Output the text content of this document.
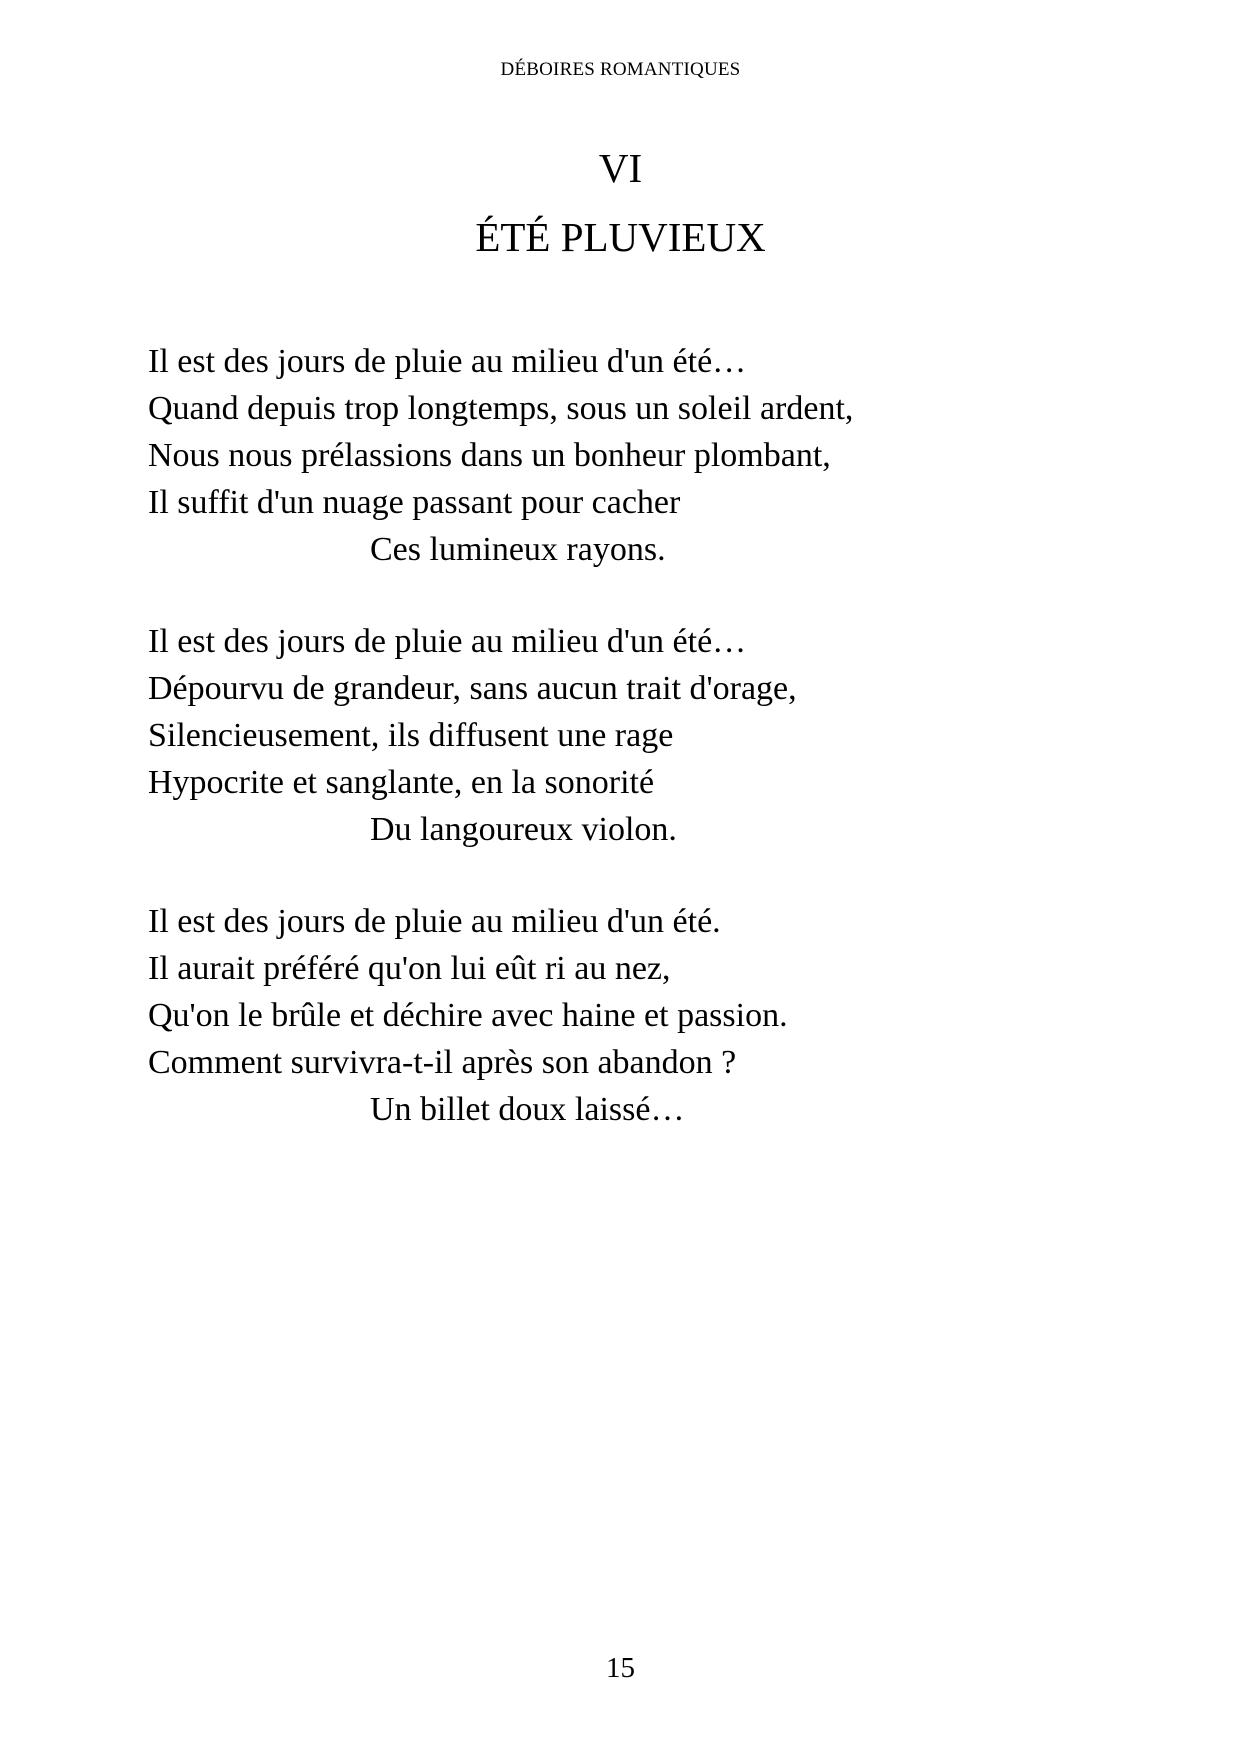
DÉBOIRES ROMANTIQUES
VI
ÉTÉ PLUVIEUX
Il est des jours de pluie au milieu d'un été…
Quand depuis trop longtemps, sous un soleil ardent,
Nous nous prélassions dans un bonheur plombant,
Il suffit d'un nuage passant pour cacher
Ces lumineux rayons.
Il est des jours de pluie au milieu d'un été…
Dépourvu de grandeur, sans aucun trait d'orage,
Silencieusement, ils diffusent une rage
Hypocrite et sanglante, en la sonorité
Du langoureux violon.
Il est des jours de pluie au milieu d'un été.
Il aurait préféré qu'on lui eût ri au nez,
Qu'on le brûle et déchire avec haine et passion.
Comment survivra-t-il après son abandon ?
Un billet doux laissé…
15
